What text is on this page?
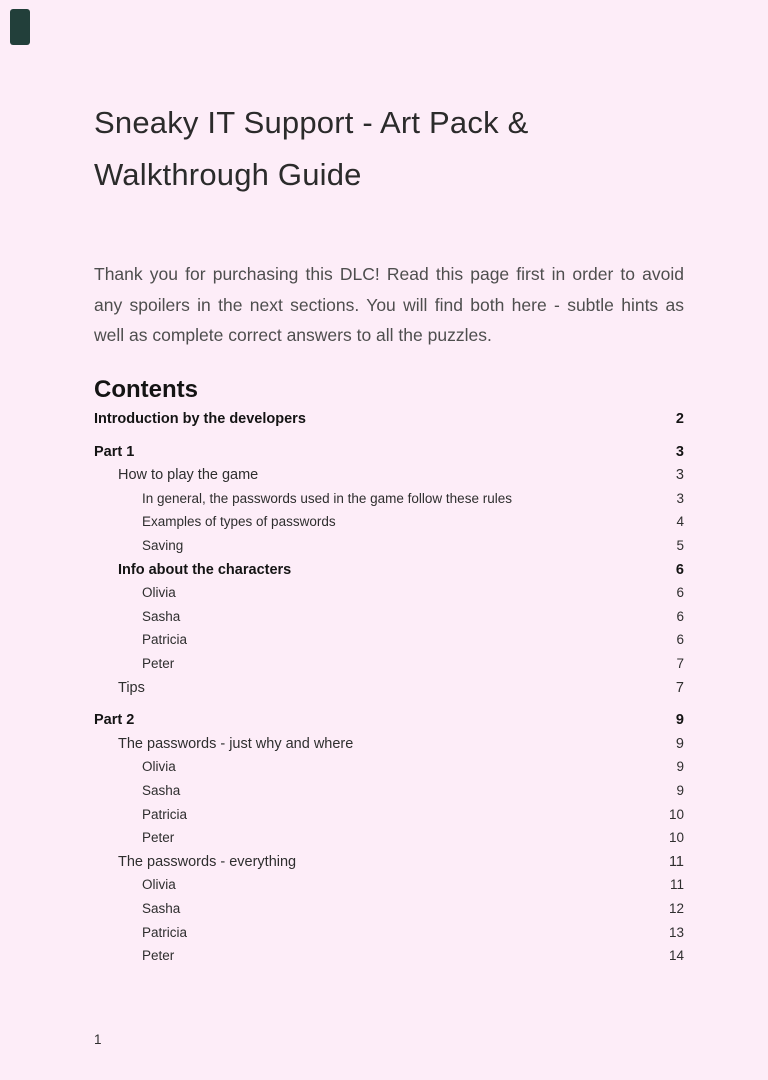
Sneaky IT Support - Art Pack &
Walkthrough Guide

Thank you for purchasing this DLC! Read this page first in order to avoid any spoilers in the next sections. You will find both here - subtle hints as well as complete correct answers to all the puzzles.

Contents
Introduction by the developers	2
Part 1	3
How to play the game	3
In general, the passwords used in the game follow these rules	3
Examples of types of passwords	4
Saving	5
Info about the characters	6
Olivia	6
Sasha	6
Patricia	6
Peter	7
Tips	7
Part 2	9
The passwords - just why and where	9
Olivia	9
Sasha	9
Patricia	10
Peter	10
The passwords - everything	11
Olivia	11
Sasha	12
Patricia	13
Peter	14
1
